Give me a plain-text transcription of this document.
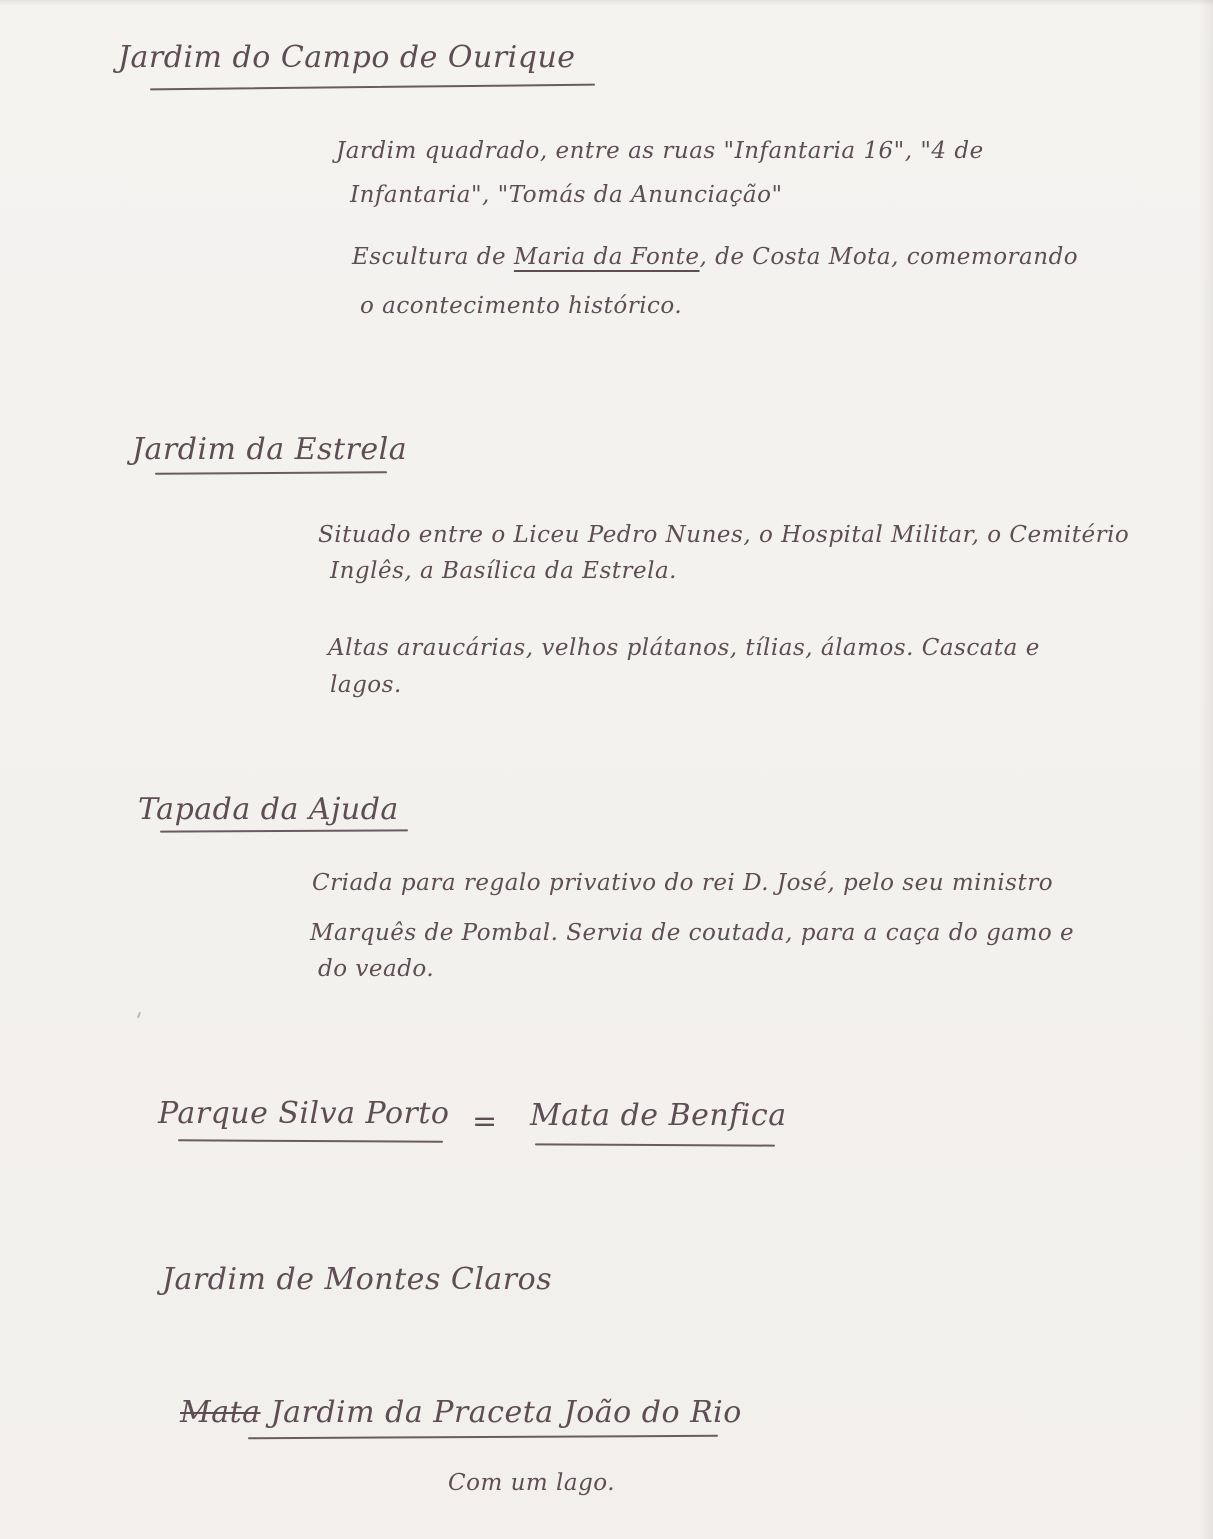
Jardim do Campo de Ourique
Jardim quadrado, entre as ruas "Infantaria 16", "4 de
Infantaria", "Tomás da Anunciação"
Escultura de Maria da Fonte, de Costa Mota, comemorando
o acontecimento histórico.
Jardim da Estrela
Situado entre o Liceu Pedro Nunes, o Hospital Militar, o Cemitério
Inglês, a Basílica da Estrela.
Altas araucárias, velhos plátanos, tílias, álamos. Cascata e
lagos.
Tapada da Ajuda
Criada para regalo privativo do rei D. José, pelo seu ministro
Marquês de Pombal. Servia de coutada, para a caça do gamo e
do veado.
Parque Silva Porto = Mata de Benfica
Jardim de Montes Claros
Mata Jardim da Praceta João do Rio
Com um lago.
